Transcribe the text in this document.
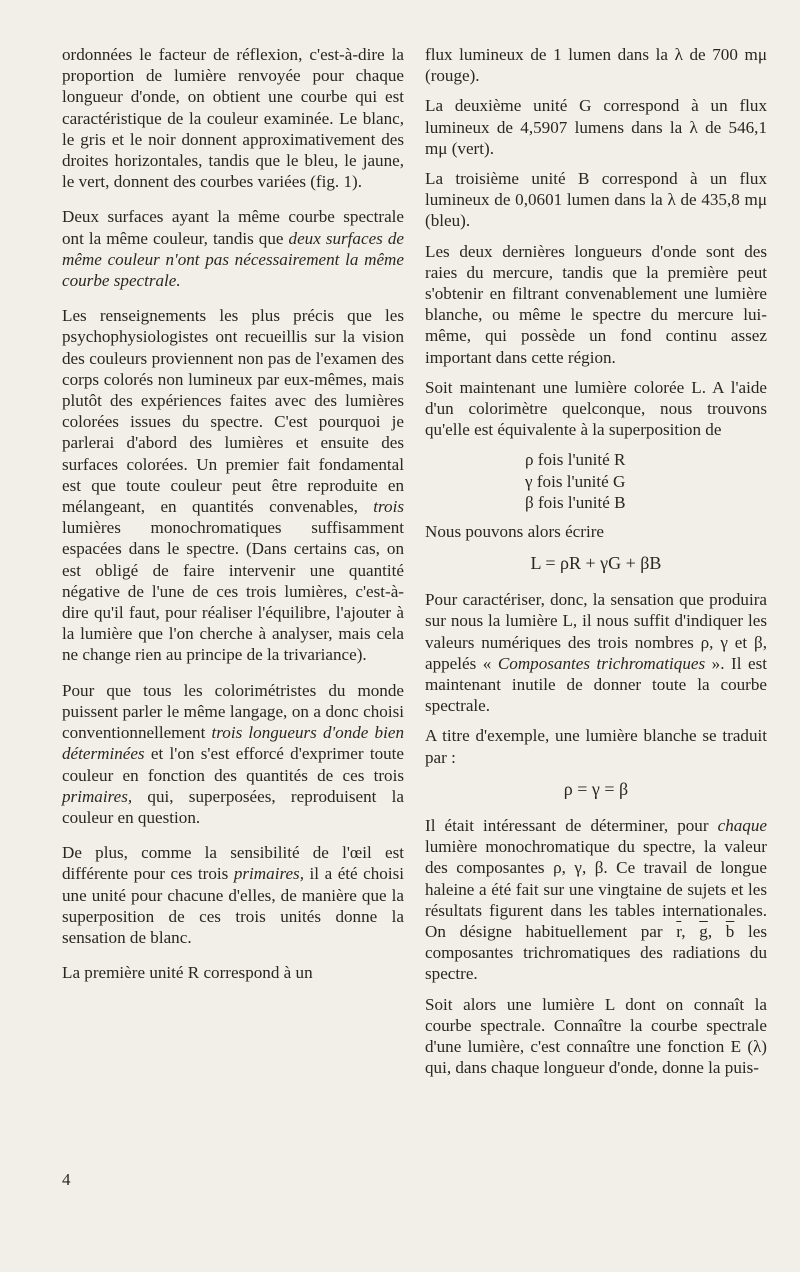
ordonnées le facteur de réflexion, c'est-à-dire la proportion de lumière renvoyée pour chaque longueur d'onde, on obtient une courbe qui est caractéristique de la couleur examinée. Le blanc, le gris et le noir donnent approximativement des droites horizontales, tandis que le bleu, le jaune, le vert, donnent des courbes variées (fig. 1).

Deux surfaces ayant la même courbe spectrale ont la même couleur, tandis que deux surfaces de même couleur n'ont pas nécessairement la même courbe spectrale.

Les renseignements les plus précis que les psychophysiologistes ont recueillis sur la vision des couleurs proviennent non pas de l'examen des corps colorés non lumineux par eux-mêmes, mais plutôt des expériences faites avec des lumières colorées issues du spectre. C'est pourquoi je parlerai d'abord des lumières et ensuite des surfaces colorées. Un premier fait fondamental est que toute couleur peut être reproduite en mélangeant, en quantités convenables, trois lumières monochromatiques suffisamment espacées dans le spectre. (Dans certains cas, on est obligé de faire intervenir une quantité négative de l'une de ces trois lumières, c'est-à-dire qu'il faut, pour réaliser l'équilibre, l'ajouter à la lumière que l'on cherche à analyser, mais cela ne change rien au principe de la trivariance).

Pour que tous les colorimétristes du monde puissent parler le même langage, on a donc choisi conventionnellement trois longueurs d'onde bien déterminées et l'on s'est efforcé d'exprimer toute couleur en fonction des quantités de ces trois primaires, qui, superposées, reproduisent la couleur en question.

De plus, comme la sensibilité de l'œil est différente pour ces trois primaires, il a été choisi une unité pour chacune d'elles, de manière que la superposition de ces trois unités donne la sensation de blanc.

La première unité R correspond à un

flux lumineux de 1 lumen dans la λ de 700 mμ (rouge).

La deuxième unité G correspond à un flux lumineux de 4,5907 lumens dans la λ de 546,1 mμ (vert).

La troisième unité B correspond à un flux lumineux de 0,0601 lumen dans la λ de 435,8 mμ (bleu).

Les deux dernières longueurs d'onde sont des raies du mercure, tandis que la première peut s'obtenir en filtrant convenablement une lumière blanche, ou même le spectre du mercure lui-même, qui possède un fond continu assez important dans cette région.

Soit maintenant une lumière colorée L. A l'aide d'un colorimètre quelconque, nous trouvons qu'elle est équivalente à la superposition de

ρ fois l'unité R
γ fois l'unité G
β fois l'unité B

Nous pouvons alors écrire

L = ρR + γG + βB

Pour caractériser, donc, la sensation que produira sur nous la lumière L, il nous suffit d'indiquer les valeurs numériques des trois nombres ρ, γ et β, appelés « Composantes trichromatiques ». Il est maintenant inutile de donner toute la courbe spectrale.

A titre d'exemple, une lumière blanche se traduit par :

ρ = γ = β

Il était intéressant de déterminer, pour chaque lumière monochromatique du spectre, la valeur des composantes ρ, γ, β. Ce travail de longue haleine a été fait sur une vingtaine de sujets et les résultats figurent dans les tables internationales. On désigne habituellement par $\overline{r}$, $\overline{g}$, $\overline{b}$ les composantes trichromatiques des radiations du spectre.

Soit alors une lumière L dont on connaît la courbe spectrale. Connaître la courbe spectrale d'une lumière, c'est connaître une fonction E (λ) qui, dans chaque longueur d'onde, donne la puis-

4
